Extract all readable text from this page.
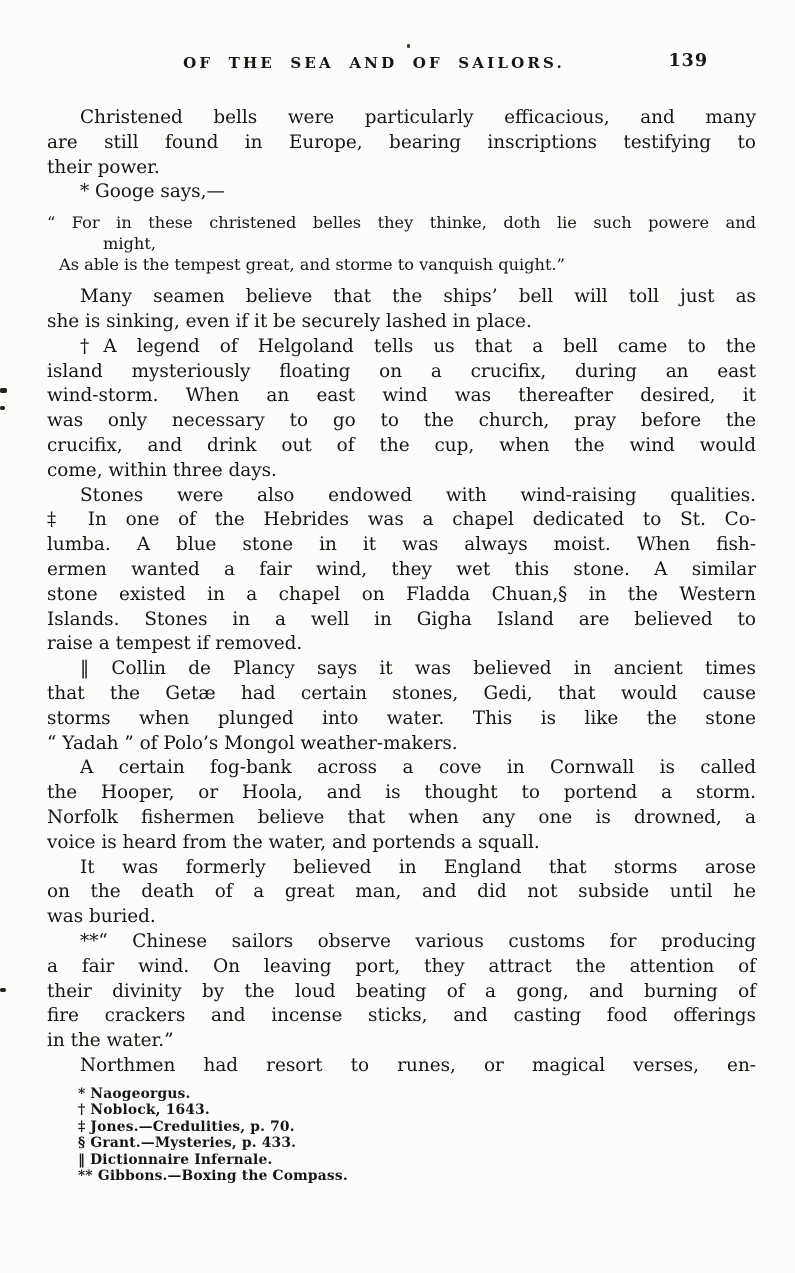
OF THE SEA AND OF SAILORS.	139
Christened bells were particularly efficacious, and many
are still found in Europe, bearing inscriptions testifying to
their power.
* Googe says,—
“ For in these christened belles they thinke, doth lie such powere and
might,
As able is the tempest great, and storme to vanquish quight.”
Many seamen believe that the ships’ bell will toll just as
she is sinking, even if it be securely lashed in place.
†A legend of Helgoland tells us that a bell came to the
island mysteriously floating on a crucifix, during an east
wind-storm. When an east wind was thereafter desired, it
was only necessary to go to the church, pray before the
crucifix, and drink out of the cup, when the wind would
come, within three days.
Stones were also endowed with wind-raising qualities.
‡ In one of the Hebrides was a chapel dedicated to St. Co-
lumba. A blue stone in it was always moist. When fish-
ermen wanted a fair wind, they wet this stone. A similar
stone existed in a chapel on Fladda Chuan,§ in the Western
Islands. Stones in a well in Gigha Island are believed to
raise a tempest if removed.
‖ Collin de Plancy says it was believed in ancient times
that the Getæ had certain stones, Gedi, that would cause
storms when plunged into water. This is like the stone
“ Yadah ” of Polo’s Mongol weather-makers.
A certain fog-bank across a cove in Cornwall is called
the Hooper, or Hoola, and is thought to portend a storm.
Norfolk fishermen believe that when any one is drowned, a
voice is heard from the water, and portends a squall.
It was formerly believed in England that storms arose
on the death of a great man, and did not subside until he
was buried.
**“ Chinese sailors observe various customs for producing
a fair wind. On leaving port, they attract the attention of
their divinity by the loud beating of a gong, and burning of
fire crackers and incense sticks, and casting food offerings
in the water.”
Northmen had resort to runes, or magical verses, en-
* Naogeorgus.
† Noblock, 1643.
‡ Jones.—Credulities, p. 70.
§ Grant.—Mysteries, p. 433.
‖ Dictionnaire Infernale.
** Gibbons.—Boxing the Compass.
